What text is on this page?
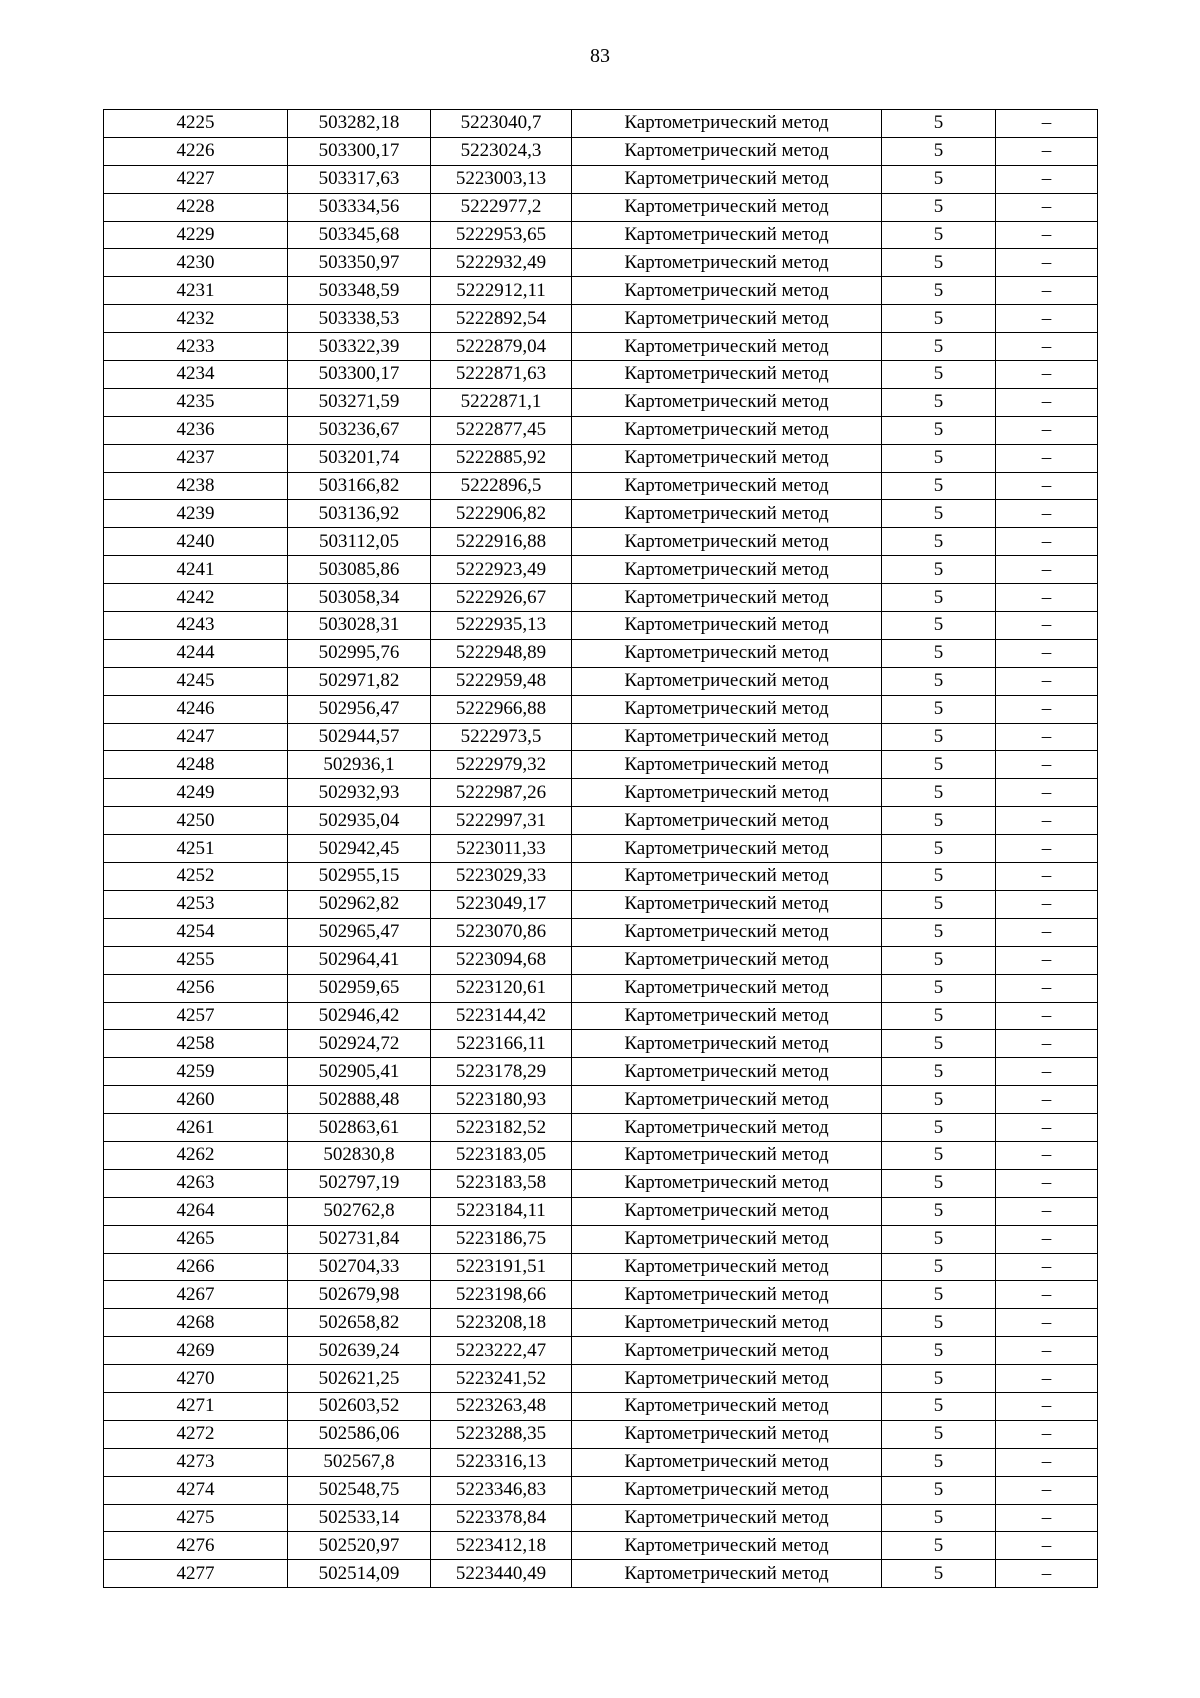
83
4225	503282,18	5223040,7	Картометрический метод	5	–
4226	503300,17	5223024,3	Картометрический метод	5	–
4227	503317,63	5223003,13	Картометрический метод	5	–
4228	503334,56	5222977,2	Картометрический метод	5	–
4229	503345,68	5222953,65	Картометрический метод	5	–
4230	503350,97	5222932,49	Картометрический метод	5	–
4231	503348,59	5222912,11	Картометрический метод	5	–
4232	503338,53	5222892,54	Картометрический метод	5	–
4233	503322,39	5222879,04	Картометрический метод	5	–
4234	503300,17	5222871,63	Картометрический метод	5	–
4235	503271,59	5222871,1	Картометрический метод	5	–
4236	503236,67	5222877,45	Картометрический метод	5	–
4237	503201,74	5222885,92	Картометрический метод	5	–
4238	503166,82	5222896,5	Картометрический метод	5	–
4239	503136,92	5222906,82	Картометрический метод	5	–
4240	503112,05	5222916,88	Картометрический метод	5	–
4241	503085,86	5222923,49	Картометрический метод	5	–
4242	503058,34	5222926,67	Картометрический метод	5	–
4243	503028,31	5222935,13	Картометрический метод	5	–
4244	502995,76	5222948,89	Картометрический метод	5	–
4245	502971,82	5222959,48	Картометрический метод	5	–
4246	502956,47	5222966,88	Картометрический метод	5	–
4247	502944,57	5222973,5	Картометрический метод	5	–
4248	502936,1	5222979,32	Картометрический метод	5	–
4249	502932,93	5222987,26	Картометрический метод	5	–
4250	502935,04	5222997,31	Картометрический метод	5	–
4251	502942,45	5223011,33	Картометрический метод	5	–
4252	502955,15	5223029,33	Картометрический метод	5	–
4253	502962,82	5223049,17	Картометрический метод	5	–
4254	502965,47	5223070,86	Картометрический метод	5	–
4255	502964,41	5223094,68	Картометрический метод	5	–
4256	502959,65	5223120,61	Картометрический метод	5	–
4257	502946,42	5223144,42	Картометрический метод	5	–
4258	502924,72	5223166,11	Картометрический метод	5	–
4259	502905,41	5223178,29	Картометрический метод	5	–
4260	502888,48	5223180,93	Картометрический метод	5	–
4261	502863,61	5223182,52	Картометрический метод	5	–
4262	502830,8	5223183,05	Картометрический метод	5	–
4263	502797,19	5223183,58	Картометрический метод	5	–
4264	502762,8	5223184,11	Картометрический метод	5	–
4265	502731,84	5223186,75	Картометрический метод	5	–
4266	502704,33	5223191,51	Картометрический метод	5	–
4267	502679,98	5223198,66	Картометрический метод	5	–
4268	502658,82	5223208,18	Картометрический метод	5	–
4269	502639,24	5223222,47	Картометрический метод	5	–
4270	502621,25	5223241,52	Картометрический метод	5	–
4271	502603,52	5223263,48	Картометрический метод	5	–
4272	502586,06	5223288,35	Картометрический метод	5	–
4273	502567,8	5223316,13	Картометрический метод	5	–
4274	502548,75	5223346,83	Картометрический метод	5	–
4275	502533,14	5223378,84	Картометрический метод	5	–
4276	502520,97	5223412,18	Картометрический метод	5	–
4277	502514,09	5223440,49	Картометрический метод	5	–
